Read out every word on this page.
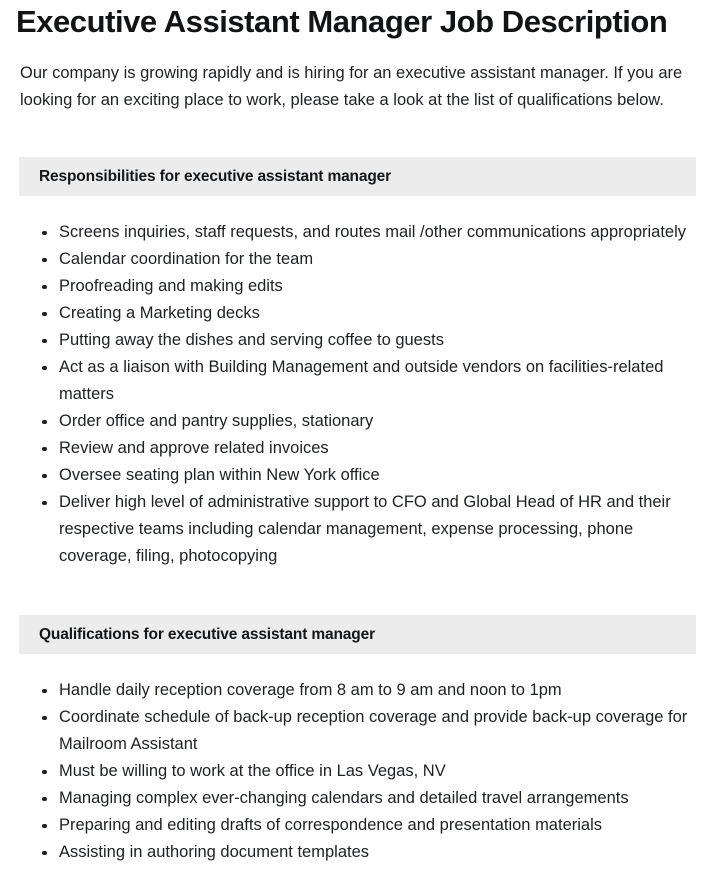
Executive Assistant Manager Job Description

Our company is growing rapidly and is hiring for an executive assistant manager. If you are looking for an exciting place to work, please take a look at the list of qualifications below.

Responsibilities for executive assistant manager
Screens inquiries, staff requests, and routes mail /other communications appropriately
Calendar coordination for the team
Proofreading and making edits
Creating a Marketing decks
Putting away the dishes and serving coffee to guests
Act as a liaison with Building Management and outside vendors on facilities-related matters
Order office and pantry supplies, stationary
Review and approve related invoices
Oversee seating plan within New York office
Deliver high level of administrative support to CFO and Global Head of HR and their respective teams including calendar management, expense processing, phone coverage, filing, photocopying
Qualifications for executive assistant manager
Handle daily reception coverage from 8 am to 9 am and noon to 1pm
Coordinate schedule of back-up reception coverage and provide back-up coverage for Mailroom Assistant
Must be willing to work at the office in Las Vegas, NV
Managing complex ever-changing calendars and detailed travel arrangements
Preparing and editing drafts of correspondence and presentation materials
Assisting in authoring document templates
